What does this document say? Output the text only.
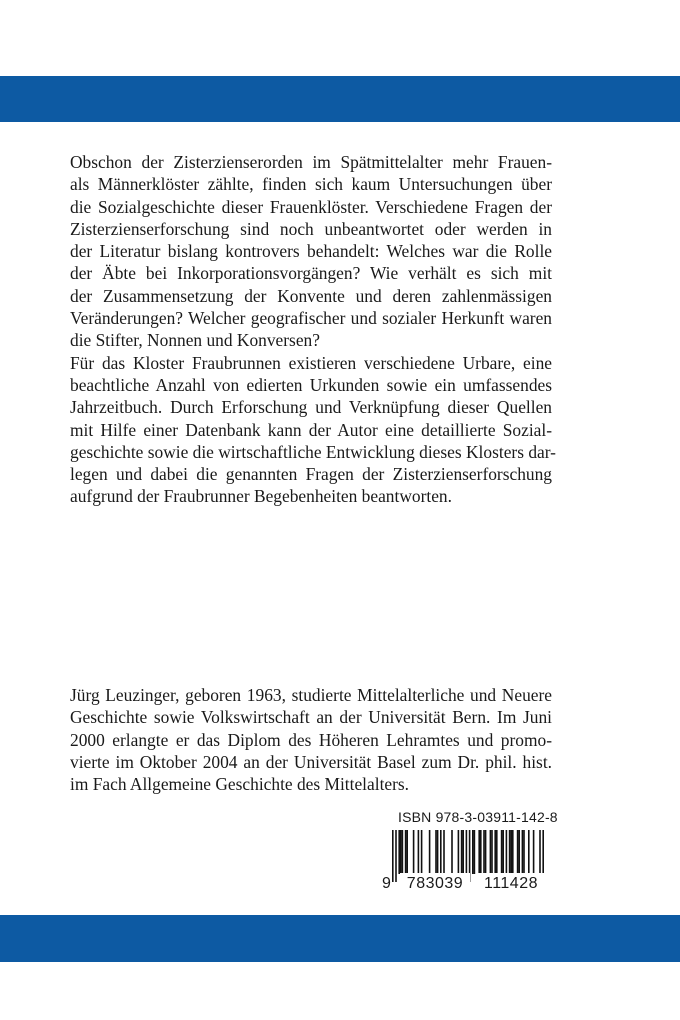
Obschon der Zisterzienserorden im Spätmittelalter mehr Frauen-
als Männerklöster zählte, finden sich kaum Untersuchungen über
die Sozialgeschichte dieser Frauenklöster. Verschiedene Fragen der
Zisterzienserforschung sind noch unbeantwortet oder werden in
der Literatur bislang kontrovers behandelt: Welches war die Rolle
der Äbte bei Inkorporationsvorgängen? Wie verhält es sich mit
der Zusammensetzung der Konvente und deren zahlenmässigen
Veränderungen? Welcher geografischer und sozialer Herkunft waren
die Stifter, Nonnen und Konversen?

Für das Kloster Fraubrunnen existieren verschiedene Urbare, eine
beachtliche Anzahl von edierten Urkunden sowie ein umfassendes
Jahrzeitbuch. Durch Erforschung und Verknüpfung dieser Quellen
mit Hilfe einer Datenbank kann der Autor eine detaillierte Sozial-
geschichte sowie die wirtschaftliche Entwicklung dieses Klosters dar-
legen und dabei die genannten Fragen der Zisterzienserforschung
aufgrund der Fraubrunner Begebenheiten beantworten.

Jürg Leuzinger, geboren 1963, studierte Mittelalterliche und Neuere
Geschichte sowie Volkswirtschaft an der Universität Bern. Im Juni
2000 erlangte er das Diplom des Höheren Lehramtes und promo-
vierte im Oktober 2004 an der Universität Basel zum Dr. phil. hist.
im Fach Allgemeine Geschichte des Mittelalters.

ISBN 978-3-03911-142-8
9 783039	111428
